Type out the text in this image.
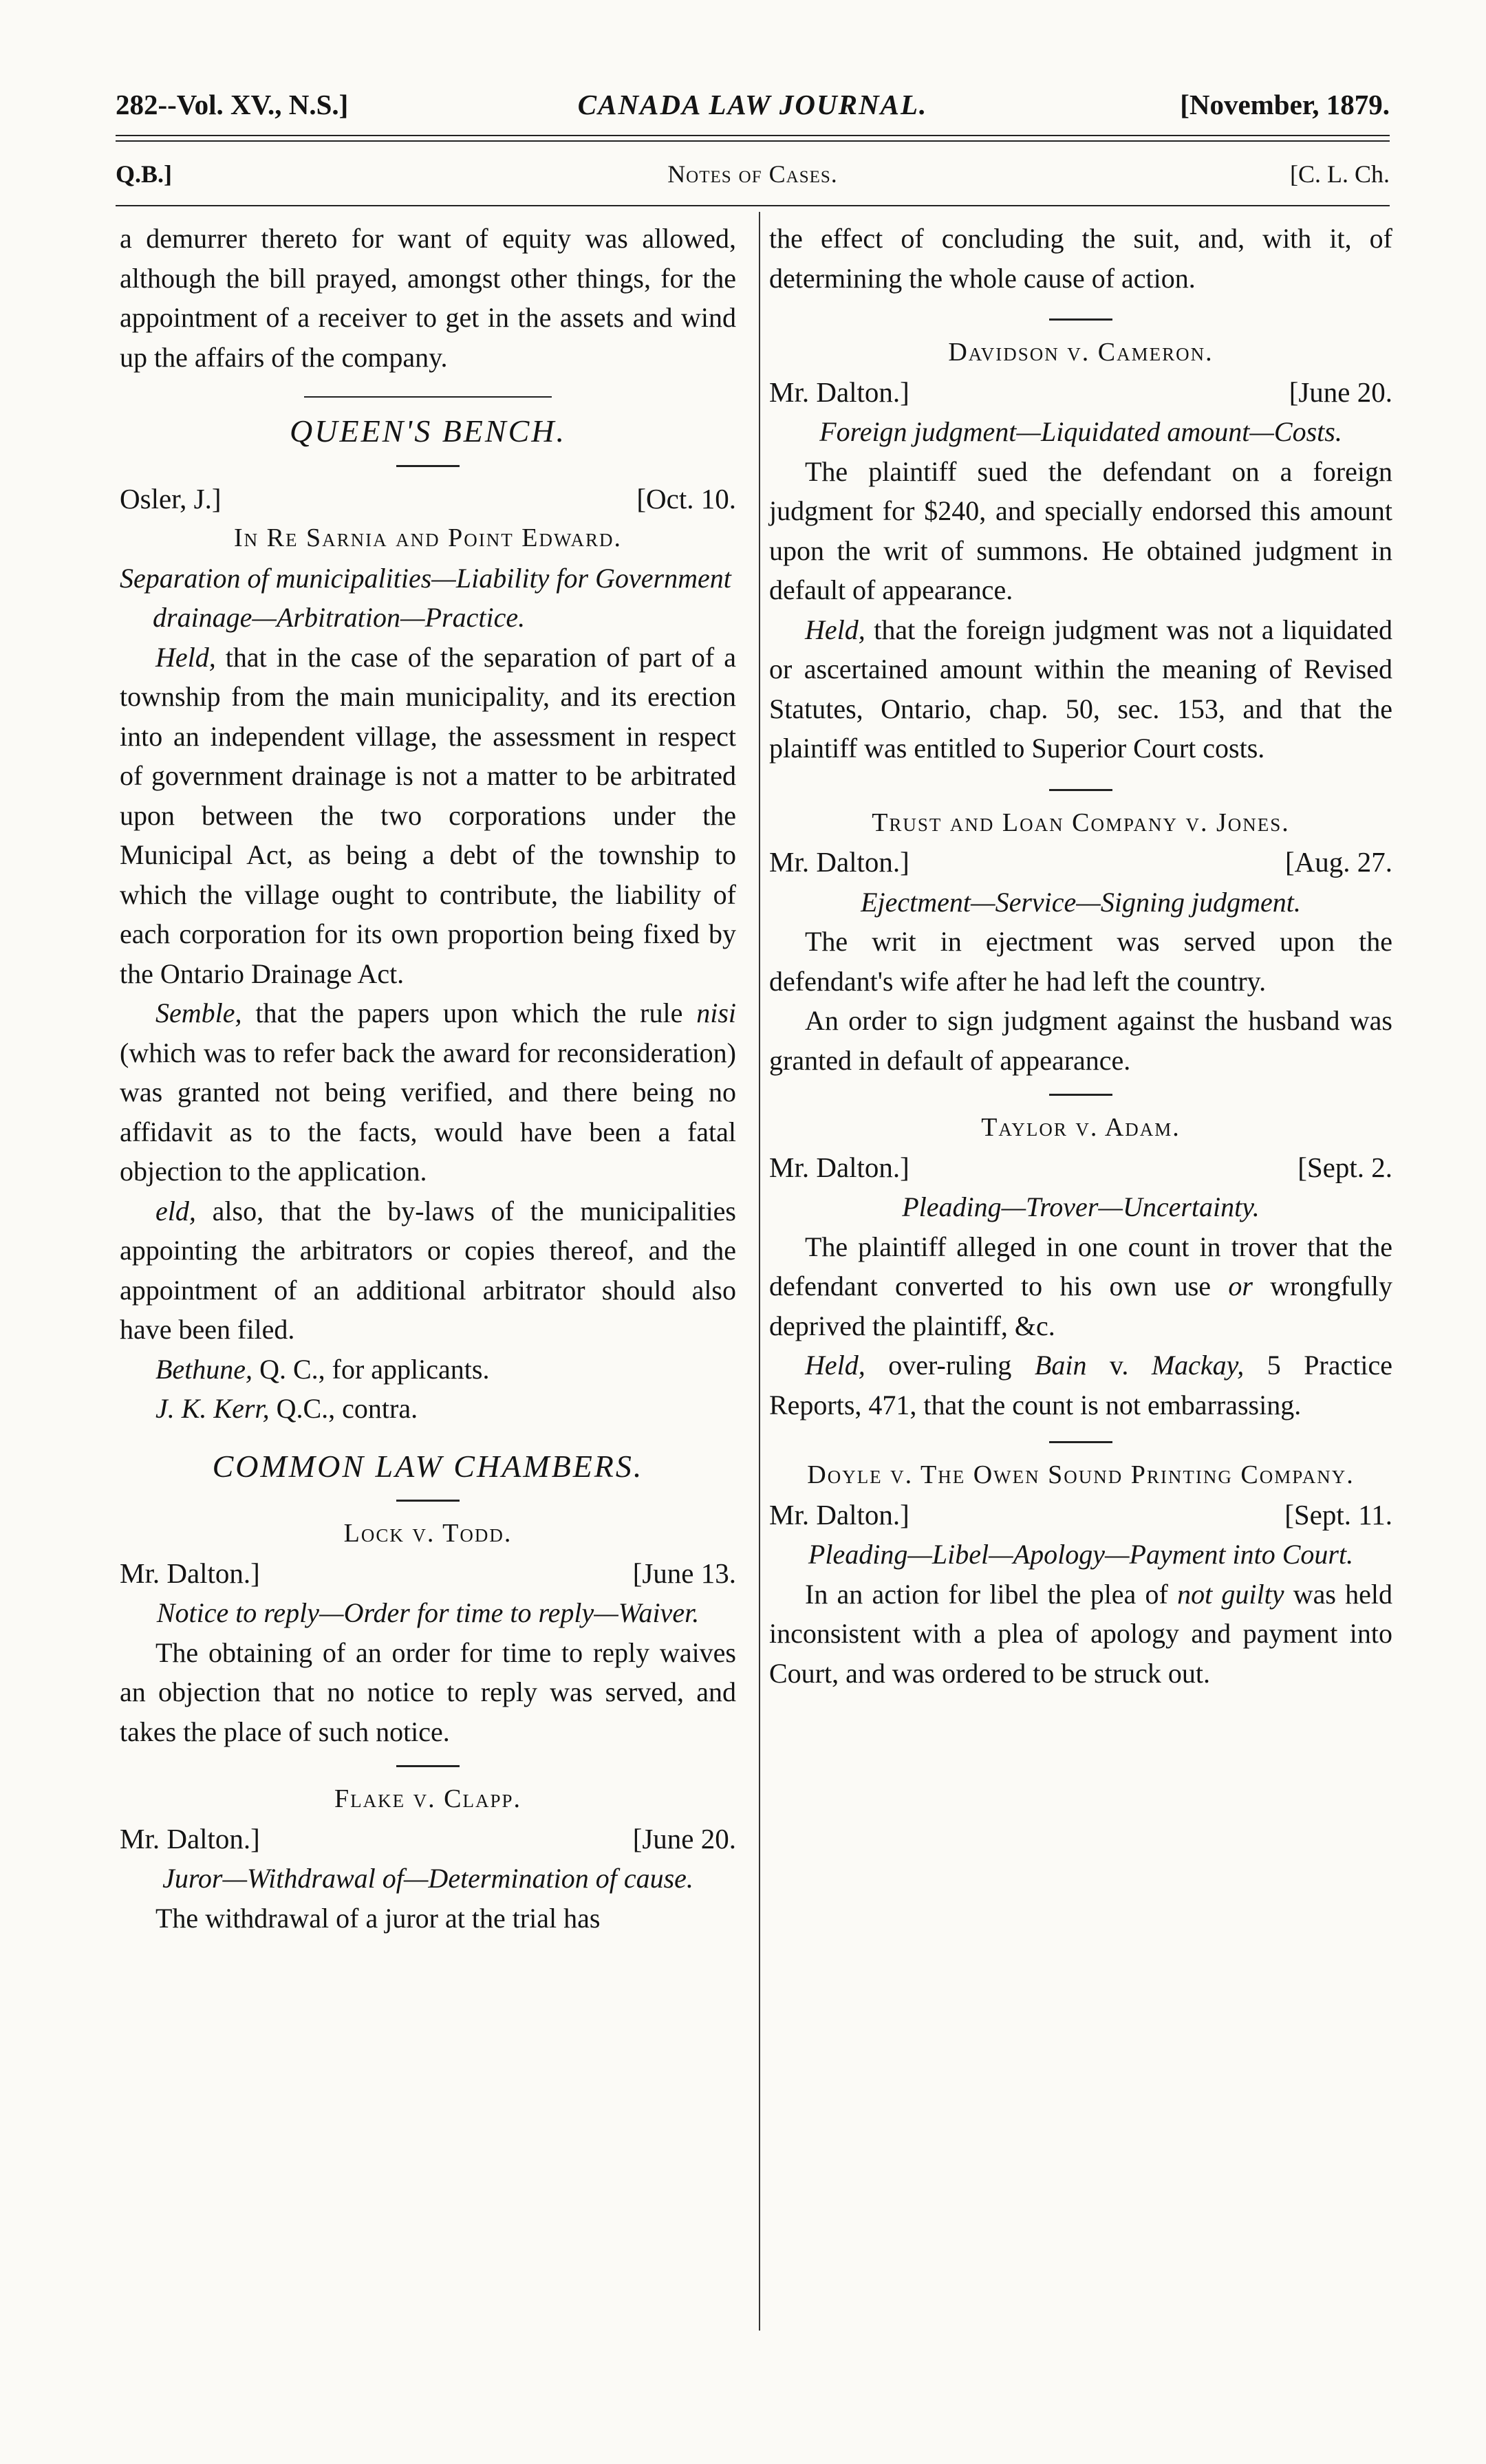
282--Vol. XV., N.S.]	CANADA LAW JOURNAL.	[November, 1879.
Q.B.]	Notes of Cases.	[C. L. Ch.

a demurrer thereto for want of equity was allowed, although the bill prayed, amongst other things, for the appointment of a receiver to get in the assets and wind up the affairs of the company.

QUEEN'S BENCH.
Osler, J.]	[Oct. 10.
In Re Sarnia and Point Edward.

Separation of municipalities—Liability for Government drainage—Arbitration—Practice.

Held, that in the case of the separation of part of a township from the main municipality, and its erection into an independent village, the assessment in respect of government drainage is not a matter to be arbitrated upon between the two corporations under the Municipal Act, as being a debt of the township to which the village ought to contribute, the liability of each corporation for its own proportion being fixed by the Ontario Drainage Act.

Semble, that the papers upon which the rule nisi (which was to refer back the award for reconsideration) was granted not being verified, and there being no affidavit as to the facts, would have been a fatal objection to the application.

eld, also, that the by-laws of the municipalities appointing the arbitrators or copies thereof, and the appointment of an additional arbitrator should also have been filed.

Bethune, Q. C., for applicants.

J. K. Kerr, Q.C., contra.

COMMON LAW CHAMBERS.
Lock v. Todd.
Mr. Dalton.]	[June 13.

Notice to reply—Order for time to reply—Waiver.

The obtaining of an order for time to reply waives an objection that no notice to reply was served, and takes the place of such notice.

Flake v. Clapp.
Mr. Dalton.]	[June 20.

Juror—Withdrawal of—Determination of cause.

The withdrawal of a juror at the trial has

the effect of concluding the suit, and, with it, of determining the whole cause of action.

Davidson v. Cameron.
Mr. Dalton.]	[June 20.

Foreign judgment—Liquidated amount—Costs.

The plaintiff sued the defendant on a foreign judgment for $240, and specially endorsed this amount upon the writ of summons. He obtained judgment in default of appearance.

Held, that the foreign judgment was not a liquidated or ascertained amount within the meaning of Revised Statutes, Ontario, chap. 50, sec. 153, and that the plaintiff was entitled to Superior Court costs.

Trust and Loan Company v. Jones.
Mr. Dalton.]	[Aug. 27.

Ejectment—Service—Signing judgment.

The writ in ejectment was served upon the defendant's wife after he had left the country.

An order to sign judgment against the husband was granted in default of appearance.

Taylor v. Adam.
Mr. Dalton.]	[Sept. 2.

Pleading—Trover—Uncertainty.

The plaintiff alleged in one count in trover that the defendant converted to his own use or wrongfully deprived the plaintiff, &c.

Held, over-ruling Bain v. Mackay, 5 Practice Reports, 471, that the count is not embarrassing.

Doyle v. The Owen Sound Printing Company.
Mr. Dalton.]	[Sept. 11.

Pleading—Libel—Apology—Payment into Court.

In an action for libel the plea of not guilty was held inconsistent with a plea of apology and payment into Court, and was ordered to be struck out.
